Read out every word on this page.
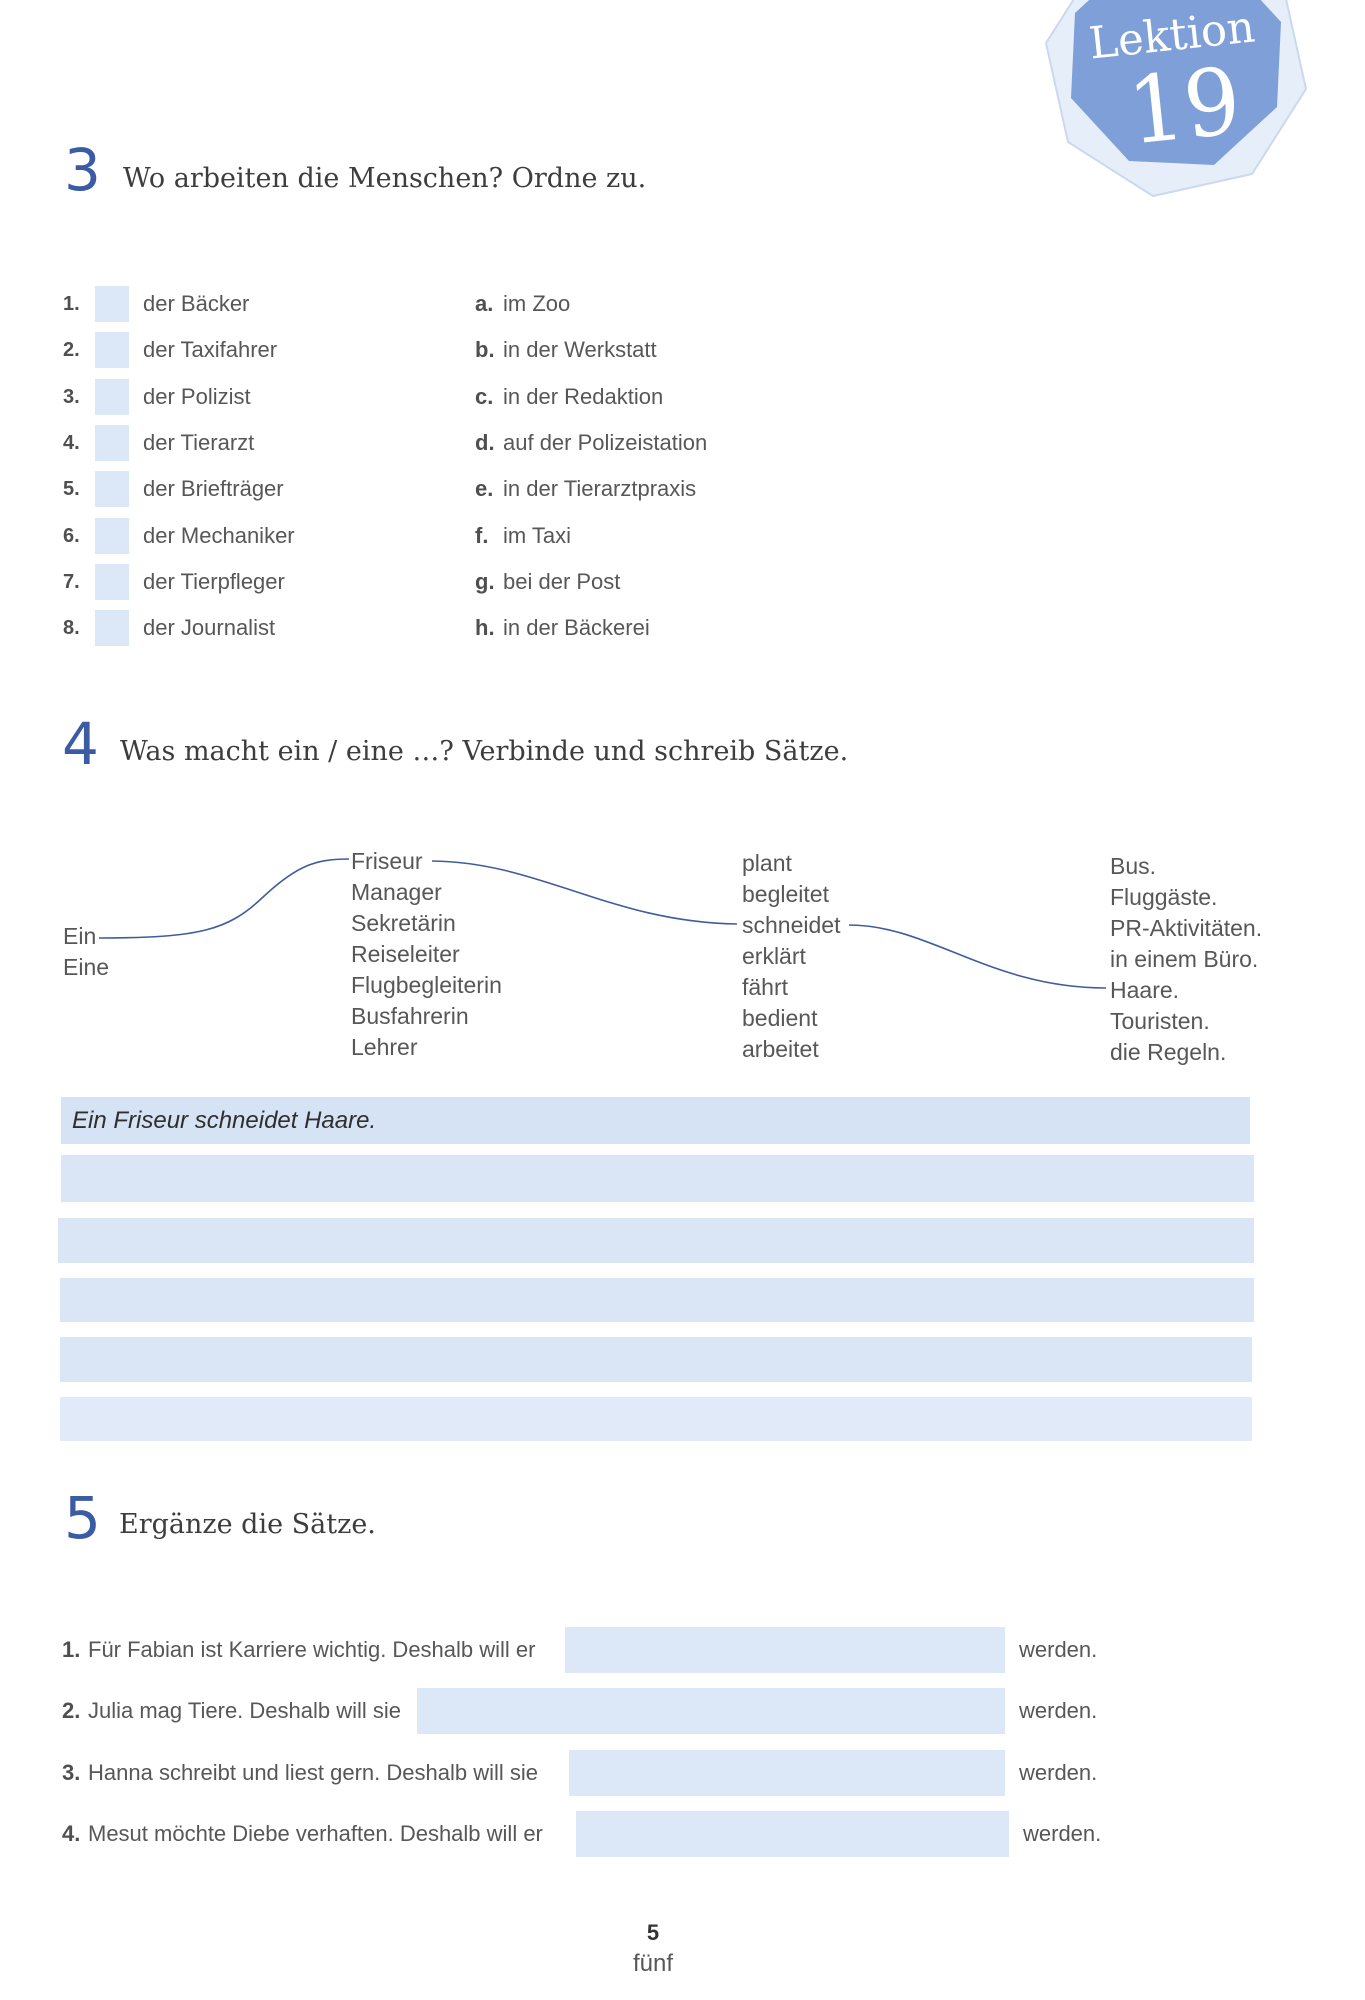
Lektion
19
3 Wo arbeiten die Menschen? Ordne zu.
1.	der Bäcker	a. im Zoo
2.	der Taxifahrer	b. in der Werkstatt
3.	der Polizist	c. in der Redaktion
4.	der Tierarzt	d. auf der Polizeistation
5.	der Briefträger	e. in der Tierarztpraxis
6.	der Mechaniker	f. im Taxi
7.	der Tierpfleger	g. bei der Post
8.	der Journalist	h. in der Bäckerei
4 Was macht ein / eine …? Verbinde und schreib Sätze.
Ein
Eine
Friseur
Manager
Sekretärin
Reiseleiter
Flugbegleiterin
Busfahrerin
Lehrer
plant
begleitet
schneidet
erklärt
fährt
bedient
arbeitet
Bus.
Fluggäste.
PR-Aktivitäten.
in einem Büro.
Haare.
Touristen.
die Regeln.
Ein Friseur schneidet Haare.
5 Ergänze die Sätze.
1. Für Fabian ist Karriere wichtig. Deshalb will er	werden.
2. Julia mag Tiere. Deshalb will sie	werden.
3. Hanna schreibt und liest gern. Deshalb will sie	werden.
4. Mesut möchte Diebe verhaften. Deshalb will er	werden.
5
fünf
